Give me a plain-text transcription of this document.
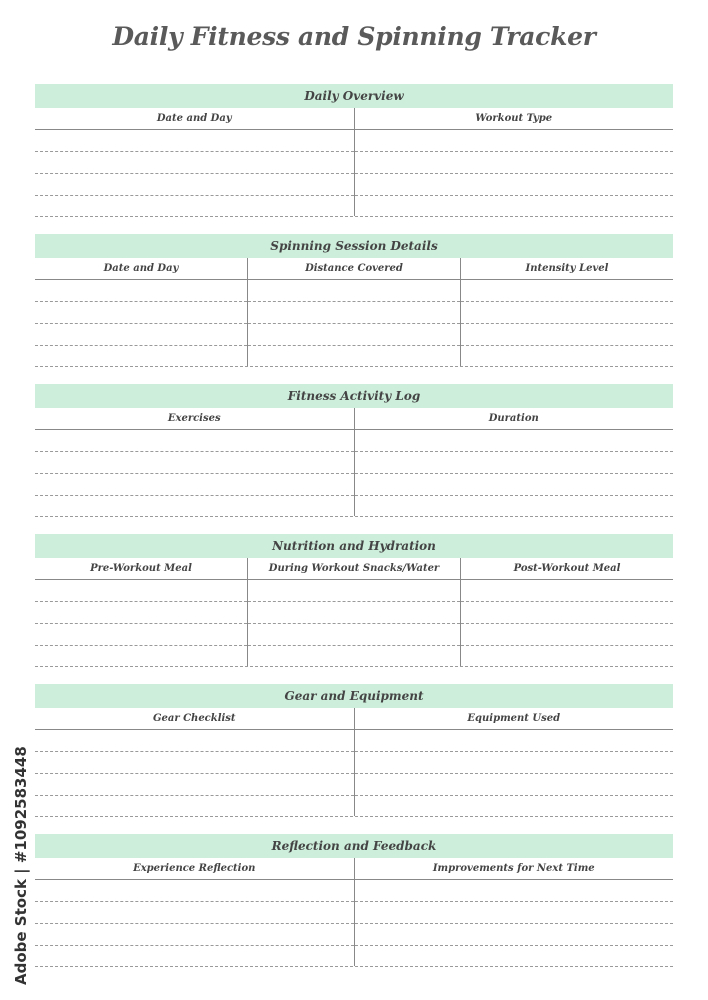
Daily Fitness and Spinning Tracker
Daily Overview
Date and Day	Workout Type
Spinning Session Details
Date and Day	Distance Covered	Intensity Level
Fitness Activity Log
Exercises	Duration
Nutrition and Hydration
Pre-Workout Meal	During Workout Snacks/Water	Post-Workout Meal
Gear and Equipment
Gear Checklist	Equipment Used
Reflection and Feedback
Experience Reflection	Improvements for Next Time
Adobe Stock | #1092583448
